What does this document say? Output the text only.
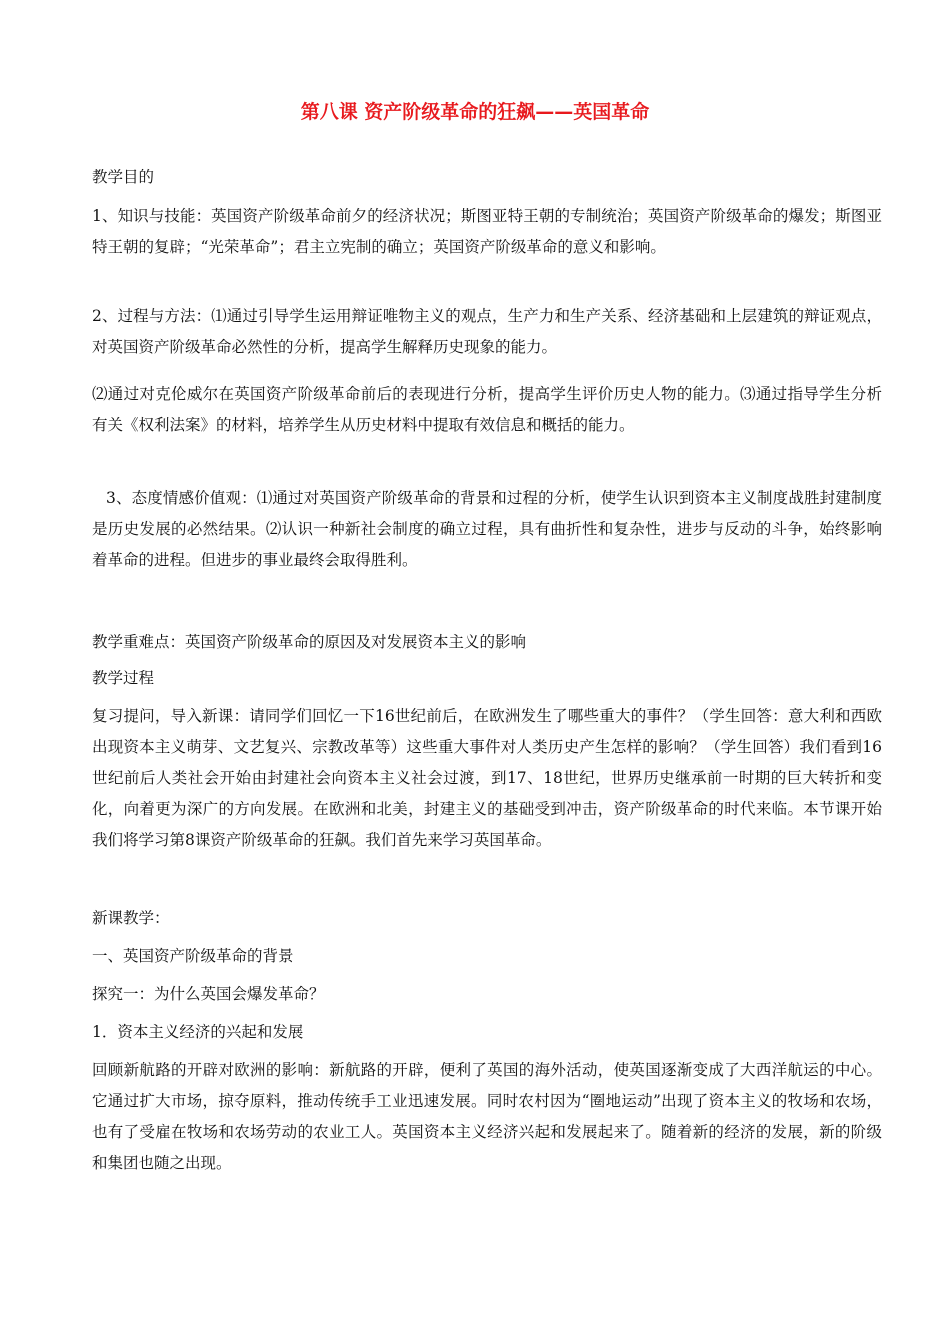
第八课 资产阶级革命的狂飙——英国革命
教学目的
1、知识与技能：英国资产阶级革命前夕的经济状况；斯图亚特王朝的专制统治；英国资产阶级革命的爆发；斯图亚特王朝的复辟；“光荣革命”；君主立宪制的确立；英国资产阶级革命的意义和影响。
2、过程与方法：⑴通过引导学生运用辩证唯物主义的观点，生产力和生产关系、经济基础和上层建筑的辩证观点，对英国资产阶级革命必然性的分析，提高学生解释历史现象的能力。
⑵通过对克伦威尔在英国资产阶级革命前后的表现进行分析，提高学生评价历史人物的能力。⑶通过指导学生分析有关《权利法案》的材料，培养学生从历史材料中提取有效信息和概括的能力。
3、态度情感价值观：⑴通过对英国资产阶级革命的背景和过程的分析，使学生认识到资本主义制度战胜封建制度是历史发展的必然结果。⑵认识一种新社会制度的确立过程，具有曲折性和复杂性，进步与反动的斗争，始终影响着革命的进程。但进步的事业最终会取得胜利。
教学重难点：英国资产阶级革命的原因及对发展资本主义的影响
教学过程
复习提问，导入新课：请同学们回忆一下16世纪前后，在欧洲发生了哪些重大的事件？（学生回答：意大利和西欧出现资本主义萌芽、文艺复兴、宗教改革等）这些重大事件对人类历史产生怎样的影响？（学生回答）我们看到16世纪前后人类社会开始由封建社会向资本主义社会过渡，到17、18世纪，世界历史继承前一时期的巨大转折和变化，向着更为深广的方向发展。在欧洲和北美，封建主义的基础受到冲击，资产阶级革命的时代来临。本节课开始我们将学习第8课资产阶级革命的狂飙。我们首先来学习英国革命。
新课教学：
一、英国资产阶级革命的背景
探究一：为什么英国会爆发革命？
1．资本主义经济的兴起和发展
回顾新航路的开辟对欧洲的影响：新航路的开辟，便利了英国的海外活动，使英国逐渐变成了大西洋航运的中心。它通过扩大市场，掠夺原料，推动传统手工业迅速发展。同时农村因为“圈地运动”出现了资本主义的牧场和农场，也有了受雇在牧场和农场劳动的农业工人。英国资本主义经济兴起和发展起来了。随着新的经济的发展，新的阶级和集团也随之出现。
